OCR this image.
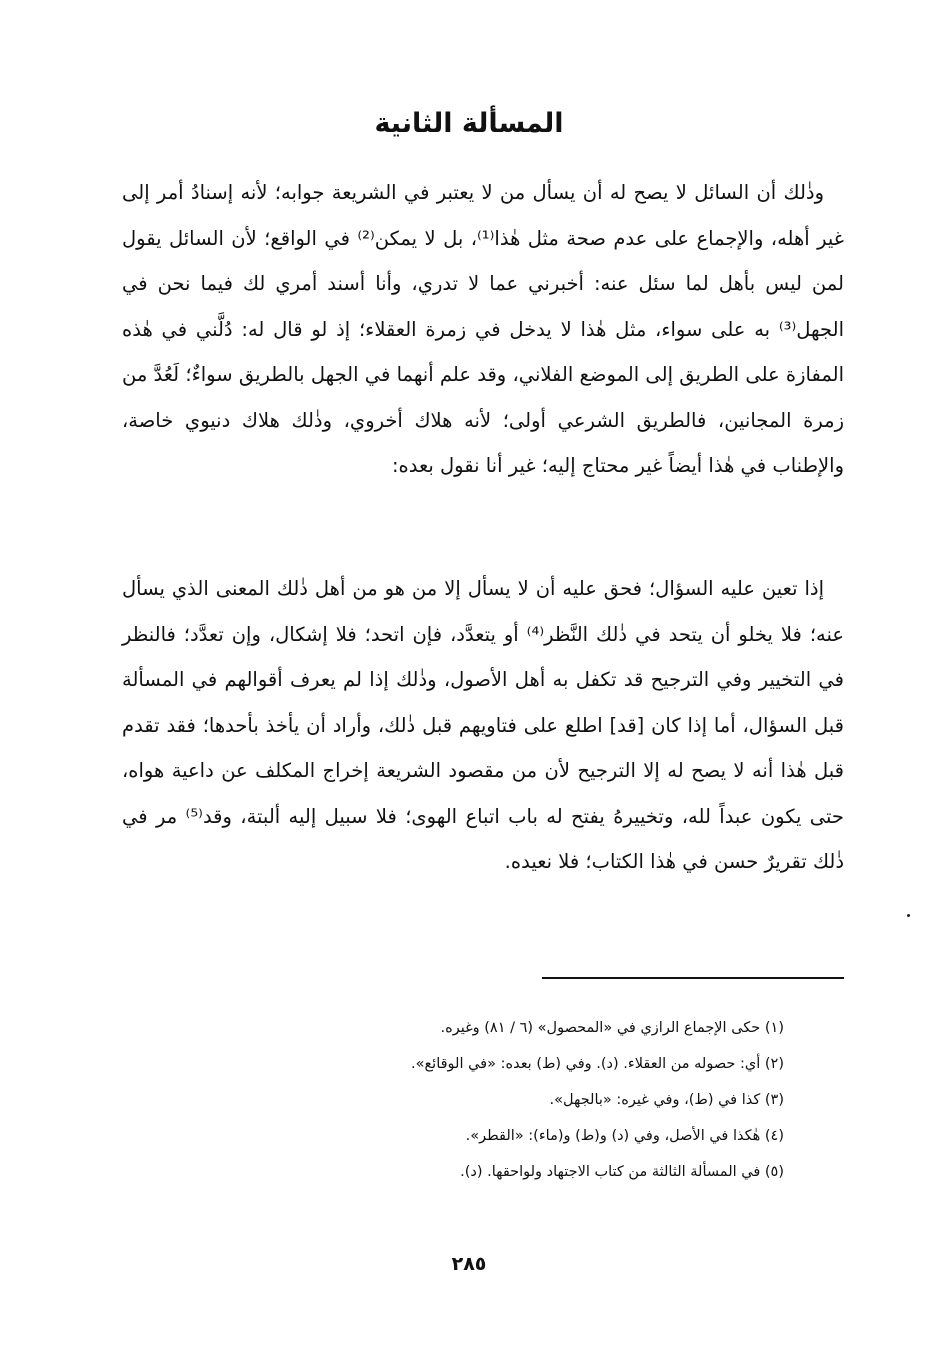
المسألة الثانية
وذٰلك أن السائل لا يصح له أن يسأل من لا يعتبر في الشريعة جوابه؛ لأنه إسنادُ أمر إلى غير أهله، والإجماع على عدم صحة مثل هٰذا⁽¹⁾، بل لا يمكن⁽²⁾ في الواقع؛ لأن السائل يقول لمن ليس بأهل لما سئل عنه: أخبرني عما لا تدري، وأنا أسند أمري لك فيما نحن في الجهل⁽³⁾ به على سواء، مثل هٰذا لا يدخل في زمرة العقلاء؛ إذ لو قال له: دُلَّني في هٰذه المفازة على الطريق إلى الموضع الفلاني، وقد علم أنهما في الجهل بالطريق سواءٌ؛ لَعُدَّ من زمرة المجانين، فالطريق الشرعي أولى؛ لأنه هلاك أخروي، وذٰلك هلاك دنيوي خاصة، والإطناب في هٰذا أيضاً غير محتاج إليه؛ غير أنا نقول بعده:
إذا تعين عليه السؤال؛ فحق عليه أن لا يسأل إلا من هو من أهل ذٰلك المعنى الذي يسأل عنه؛ فلا يخلو أن يتحد في ذٰلك النَّظر⁽⁴⁾ أو يتعدَّد، فإن اتحد؛ فلا إشكال، وإن تعدَّد؛ فالنظر في التخيير وفي الترجيح قد تكفل به أهل الأصول، وذٰلك إذا لم يعرف أقوالهم في المسألة قبل السؤال، أما إذا كان [قد] اطلع على فتاويهم قبل ذٰلك، وأراد أن يأخذ بأحدها؛ فقد تقدم قبل هٰذا أنه لا يصح له إلا الترجيح لأن من مقصود الشريعة إخراج المكلف عن داعية هواه، حتى يكون عبداً لله، وتخييرهُ يفتح له باب اتباع الهوى؛ فلا سبيل إليه ألبتة، وقد⁽⁵⁾ مر في ذٰلك تقريرٌ حسن في هٰذا الكتاب؛ فلا نعيده.
(١) حكى الإجماع الرازي في «المحصول» (٦ / ٨١) وغيره.
(٢) أي: حصوله من العقلاء. (د). وفي (ط) بعده: «في الوقائع».
(٣) كذا في (ط)، وفي غيره: «بالجهل».
(٤) هٰكذا في الأصل، وفي (د) و(ط) و(ماء): «القطر».
(٥) في المسألة الثالثة من كتاب الاجتهاد ولواحقها. (د).
٢٨٥
